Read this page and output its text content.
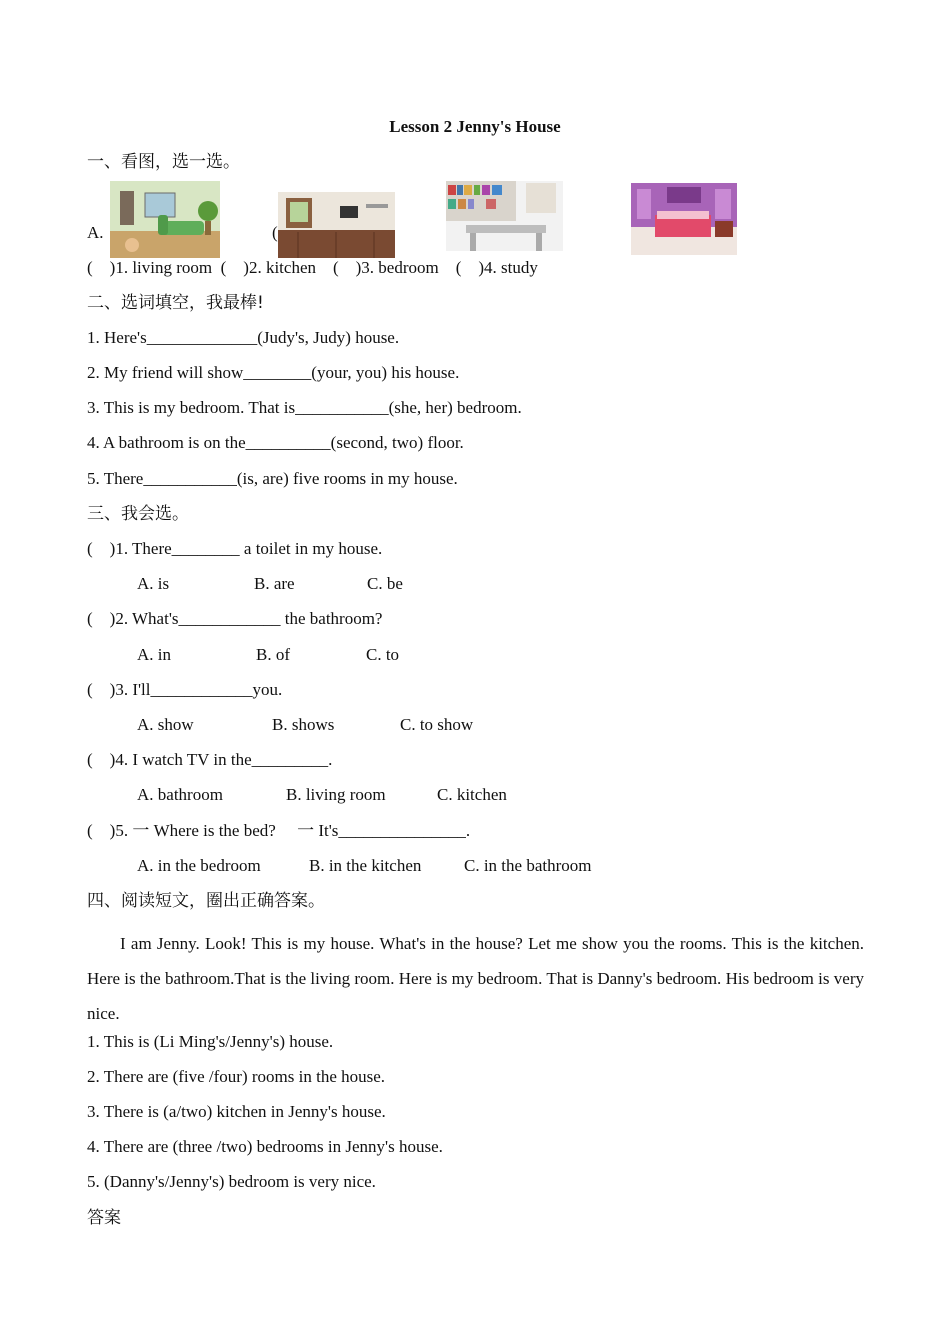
Lesson 2 Jenny's House
一、看图，选一选。
A.	(
(    )1. living room  (    )2. kitchen    (    )3. bedroom    (    )4. study
二、选词填空，我最棒!
1. Here's_____________(Judy's, Judy) house.
2. My friend will show________(your, you) his house.
3. This is my bedroom. That is___________(she, her) bedroom.
4. A bathroom is on the__________(second, two) floor.
5. There___________(is, are) five rooms in my house.
三、我会选。
(    )1. There________ a toilet in my house.
A. is	B. are	C. be
(    )2. What's____________ the bathroom?
A. in	B. of	C. to
(    )3. I'll____________you.
A. show	B. shows	C. to show
(    )4. I watch TV in the_________.
A. bathroom	B. living room	C. kitchen
(    )5. 一 Where is the bed?     一 It's_______________.
A. in the bedroom	B. in the kitchen	C. in the bathroom
四、阅读短文，圈出正确答案。
I am Jenny. Look! This is my house. What's in the house? Let me show you the rooms. This is the kitchen. Here is the bathroom.That is the living room. Here is my bedroom. That is Danny's bedroom. His bedroom is very nice.
1. This is (Li Ming's/Jenny's) house.
2. There are (five /four) rooms in the house.
3. There is (a/two) kitchen in Jenny's house.
4. There are (three /two) bedrooms in Jenny's house.
5. (Danny's/Jenny's) bedroom is very nice.
答案
